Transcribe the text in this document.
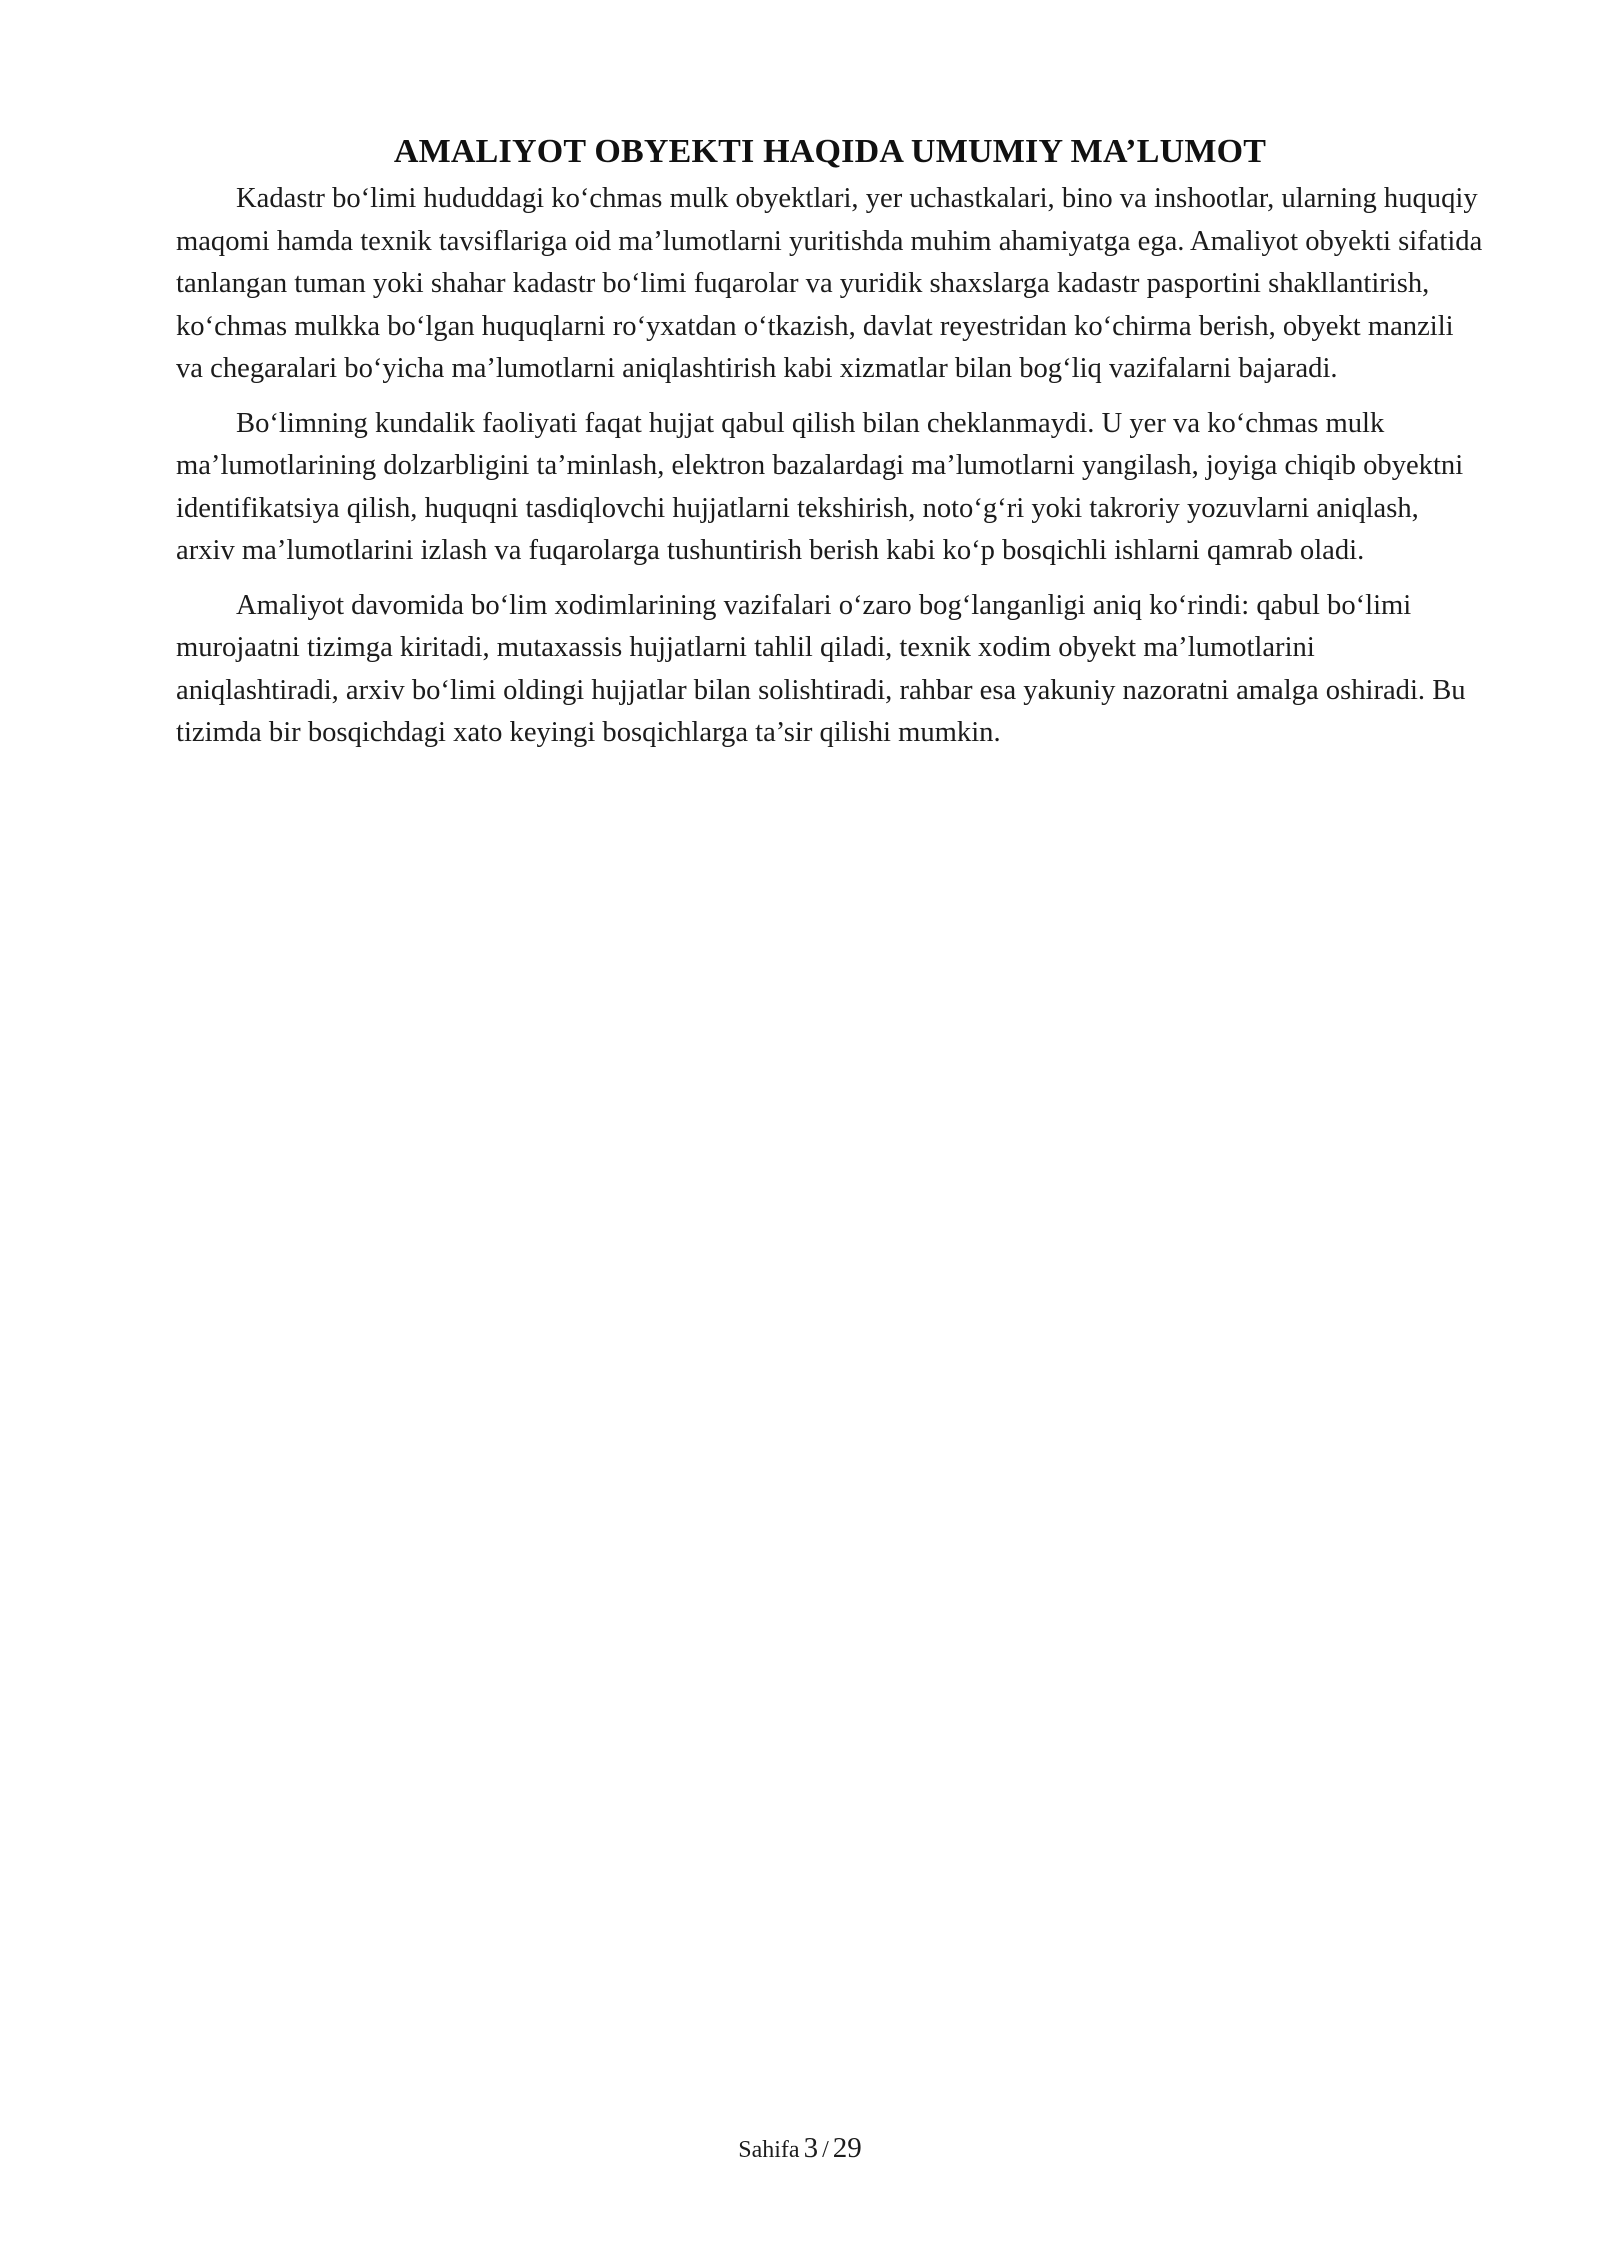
AMALIYOT OBYEKTI HAQIDA UMUMIY MA’LUMOT

Kadastr bo‘limi hududdagi ko‘chmas mulk obyektlari, yer uchastkalari, bino va inshootlar, ularning huquqiy maqomi hamda texnik tavsiflariga oid ma’lumotlarni yuritishda muhim ahamiyatga ega. Amaliyot obyekti sifatida tanlangan tuman yoki shahar kadastr bo‘limi fuqarolar va yuridik shaxslarga kadastr pasportini shakllantirish, ko‘chmas mulkka bo‘lgan huquqlarni ro‘yxatdan o‘tkazish, davlat reyestridan ko‘chirma berish, obyekt manzili va chegaralari bo‘yicha ma’lumotlarni aniqlashtirish kabi xizmatlar bilan bog‘liq vazifalarni bajaradi.

Bo‘limning kundalik faoliyati faqat hujjat qabul qilish bilan cheklanmaydi. U yer va ko‘chmas mulk ma’lumotlarining dolzarbligini ta’minlash, elektron bazalardagi ma’lumotlarni yangilash, joyiga chiqib obyektni identifikatsiya qilish, huquqni tasdiqlovchi hujjatlarni tekshirish, noto‘g‘ri yoki takroriy yozuvlarni aniqlash, arxiv ma’lumotlarini izlash va fuqarolarga tushuntirish berish kabi ko‘p bosqichli ishlarni qamrab oladi.

Amaliyot davomida bo‘lim xodimlarining vazifalari o‘zaro bog‘langanligi aniq ko‘rindi: qabul bo‘limi murojaatni tizimga kiritadi, mutaxassis hujjatlarni tahlil qiladi, texnik xodim obyekt ma’lumotlarini aniqlashtiradi, arxiv bo‘limi oldingi hujjatlar bilan solishtiradi, rahbar esa yakuniy nazoratni amalga oshiradi. Bu tizimda bir bosqichdagi xato keyingi bosqichlarga ta’sir qilishi mumkin.

Sahifa 3 / 29
